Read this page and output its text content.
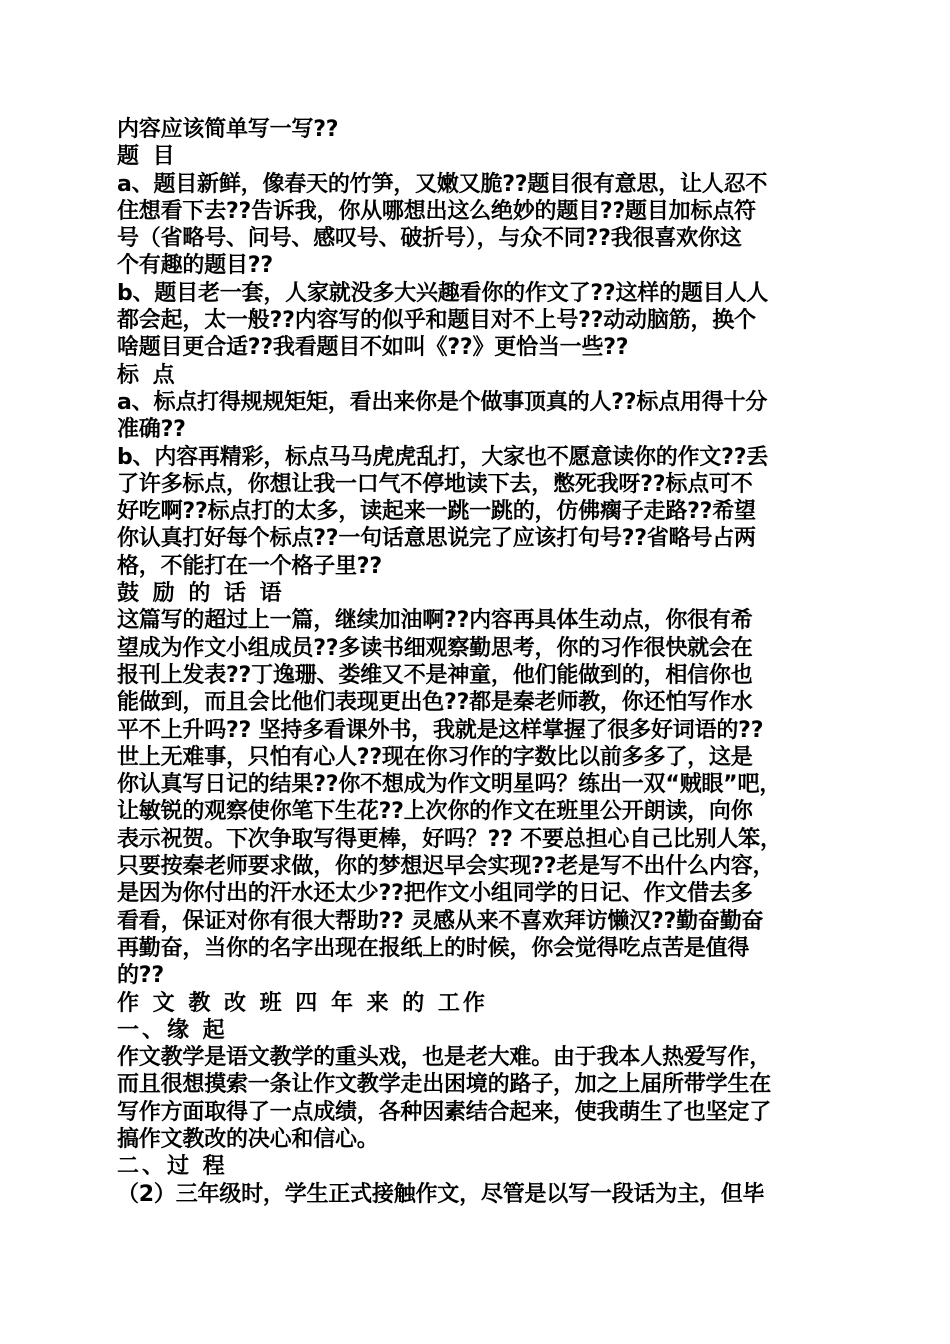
内容应该简单写一写??
题 目
a、题目新鲜，像春天的竹笋，又嫩又脆??题目很有意思，让人忍不
住想看下去??告诉我，你从哪想出这么绝妙的题目??题目加标点符
号（省略号、问号、感叹号、破折号），与众不同??我很喜欢你这
个有趣的题目??
b、题目老一套，人家就没多大兴趣看你的作文了??这样的题目人人
都会起，太一般??内容写的似乎和题目对不上号??动动脑筋，换个
啥题目更合适??我看题目不如叫《??》更恰当一些??
标 点
a、标点打得规规矩矩，看出来你是个做事顶真的人??标点用得十分
准确??
b、内容再精彩，标点马马虎虎乱打，大家也不愿意读你的作文??丢
了许多标点，你想让我一口气不停地读下去，憋死我呀??标点可不
好吃啊??标点打的太多，读起来一跳一跳的，仿佛瘸子走路??希望
你认真打好每个标点??一句话意思说完了应该打句号??省略号占两
格，不能打在一个格子里??
鼓 励 的 话 语
这篇写的超过上一篇，继续加油啊??内容再具体生动点，你很有希
望成为作文小组成员??多读书细观察勤思考，你的习作很快就会在
报刊上发表??丁逸珊、娄维又不是神童，他们能做到的，相信你也
能做到，而且会比他们表现更出色??都是秦老师教，你还怕写作水
平不上升吗?? 坚持多看课外书，我就是这样掌握了很多好词语的??
世上无难事，只怕有心人??现在你习作的字数比以前多多了，这是
你认真写日记的结果??你不想成为作文明星吗？练出一双“贼眼”吧，
让敏锐的观察使你笔下生花??上次你的作文在班里公开朗读，向你
表示祝贺。下次争取写得更棒，好吗？?? 不要总担心自己比别人笨，
只要按秦老师要求做，你的梦想迟早会实现??老是写不出什么内容，
是因为你付出的汗水还太少??把作文小组同学的日记、作文借去多
看看，保证对你有很大帮助?? 灵感从来不喜欢拜访懒汉??勤奋勤奋
再勤奋，当你的名字出现在报纸上的时候，你会觉得吃点苦是值得
的??
作 文 教 改 班 四 年 来 的 工作
一、缘 起
作文教学是语文教学的重头戏，也是老大难。由于我本人热爱写作，
而且很想摸索一条让作文教学走出困境的路子，加之上届所带学生在
写作方面取得了一点成绩，各种因素结合起来，使我萌生了也坚定了
搞作文教改的决心和信心。
二、过 程
（2）三年级时，学生正式接触作文，尽管是以写一段话为主，但毕
